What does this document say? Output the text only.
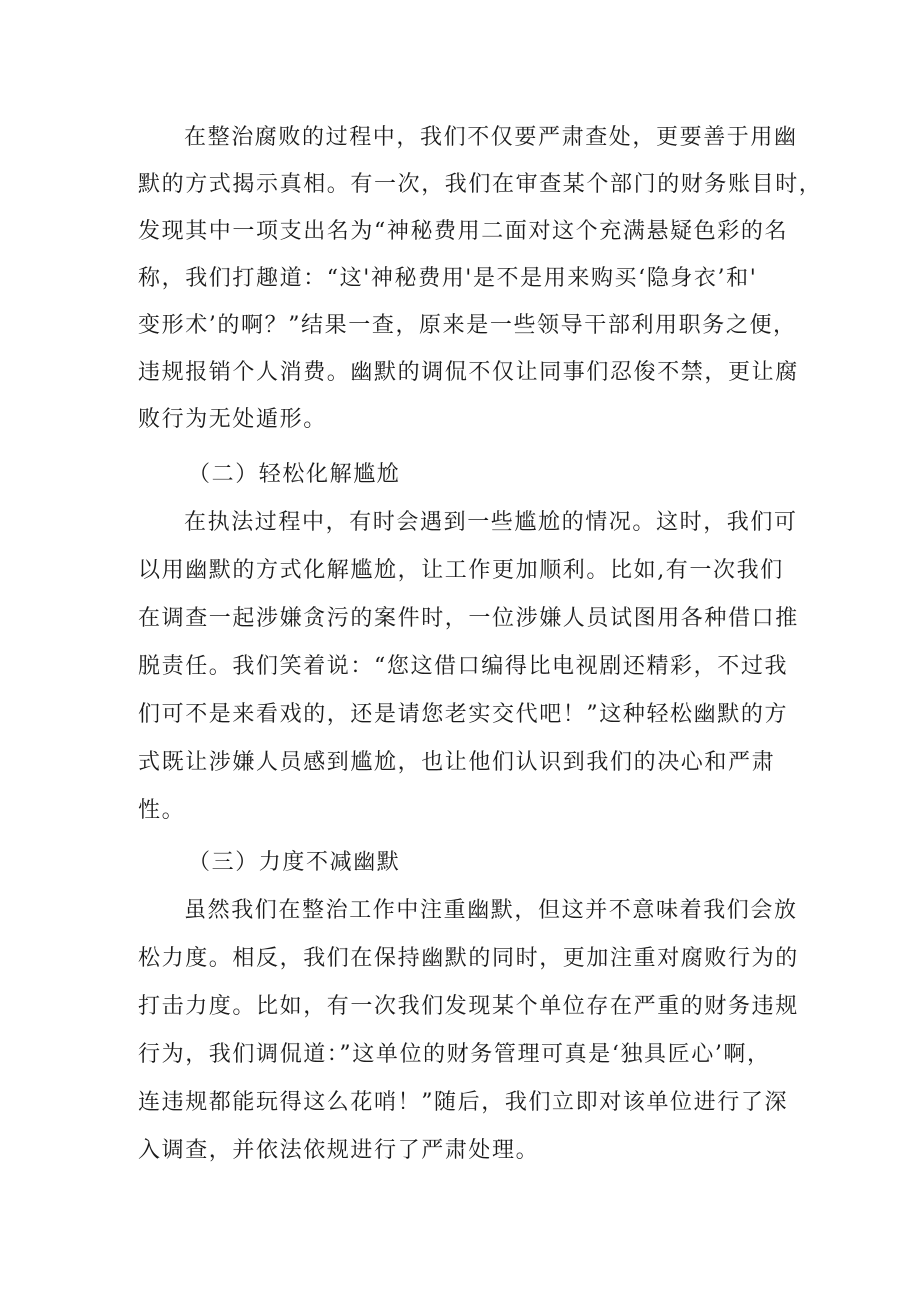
在整治腐败的过程中，我们不仅要严肃查处，更要善于用幽
默的方式揭示真相。有一次，我们在审查某个部门的财务账目时，
发现其中一项支出名为“神秘费用二面对这个充满悬疑色彩的名
称，我们打趣道：“这'神秘费用'是不是用来购买‘隐身衣’和'
变形术’的啊？”结果一查，原来是一些领导干部利用职务之便，
违规报销个人消费。幽默的调侃不仅让同事们忍俊不禁，更让腐
败行为无处遁形。
（二）轻松化解尴尬
在执法过程中，有时会遇到一些尴尬的情况。这时，我们可
以用幽默的方式化解尴尬，让工作更加顺利。比如,有一次我们
在调查一起涉嫌贪污的案件时，一位涉嫌人员试图用各种借口推
脱责任。我们笑着说：“您这借口编得比电视剧还精彩，不过我
们可不是来看戏的，还是请您老实交代吧！”这种轻松幽默的方
式既让涉嫌人员感到尴尬，也让他们认识到我们的决心和严肃
性。
（三）力度不减幽默
虽然我们在整治工作中注重幽默，但这并不意味着我们会放
松力度。相反，我们在保持幽默的同时，更加注重对腐败行为的
打击力度。比如，有一次我们发现某个单位存在严重的财务违规
行为，我们调侃道：”这单位的财务管理可真是‘独具匠心’啊，
连违规都能玩得这么花哨！”随后，我们立即对该单位进行了深
入调查，并依法依规进行了严肃处理。
